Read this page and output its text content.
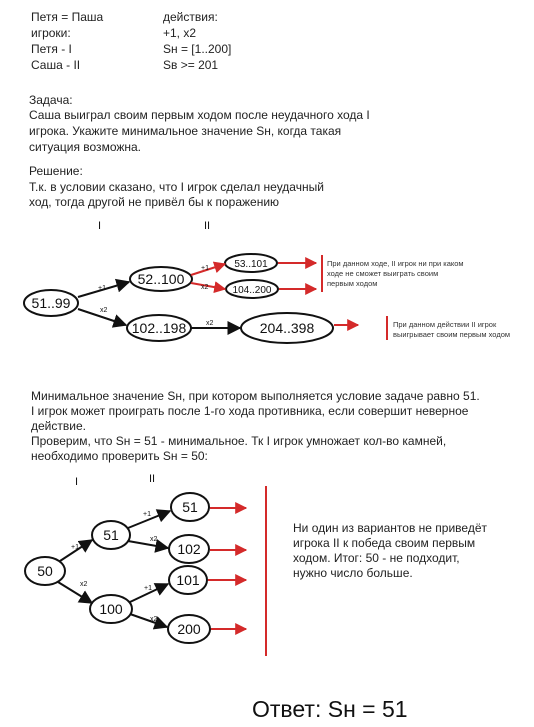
Петя = Паша
игроки:
Петя - I
Саша - II
действия:
+1, x2
Sн = [1..200]
Sв >= 201
Задача:
Саша выиграл своим первым ходом после неудачного хода I
игрока. Укажите минимальное значение Sн, когда такая
ситуация возможна.
Решение:
Т.к. в условии сказано, что I игрок сделал неудачный
ход, тогда другой не привёл бы к поражению
При данном ходе, II игрок ни при каком
ходе не сможет выиграть своим
первым ходом
При данном действии II игрок
выигрывает своим первым ходом
Минимальное значение Sн, при котором выполняется условие задаче равно 51.
I игрок может проиграть после 1-го хода противника, если совершит неверное
действие.
Проверим, что Sн = 51 - минимальное. Тк I игрок умножает кол-во камней,
необходимо проверить Sн = 50:
Ни один из вариантов не приведёт
игрока II к победа своим первым
ходом. Итог: 50 - не подходит,
нужно число больше.
Ответ: Sн = 51
I	II
51..99
52..100
102..198
53..101
104..200
204..398
+1
x2
+1
x2
x2
I	II
50
51
100
51
102
101
200
+1
x2
+1
x2
+1
x2
